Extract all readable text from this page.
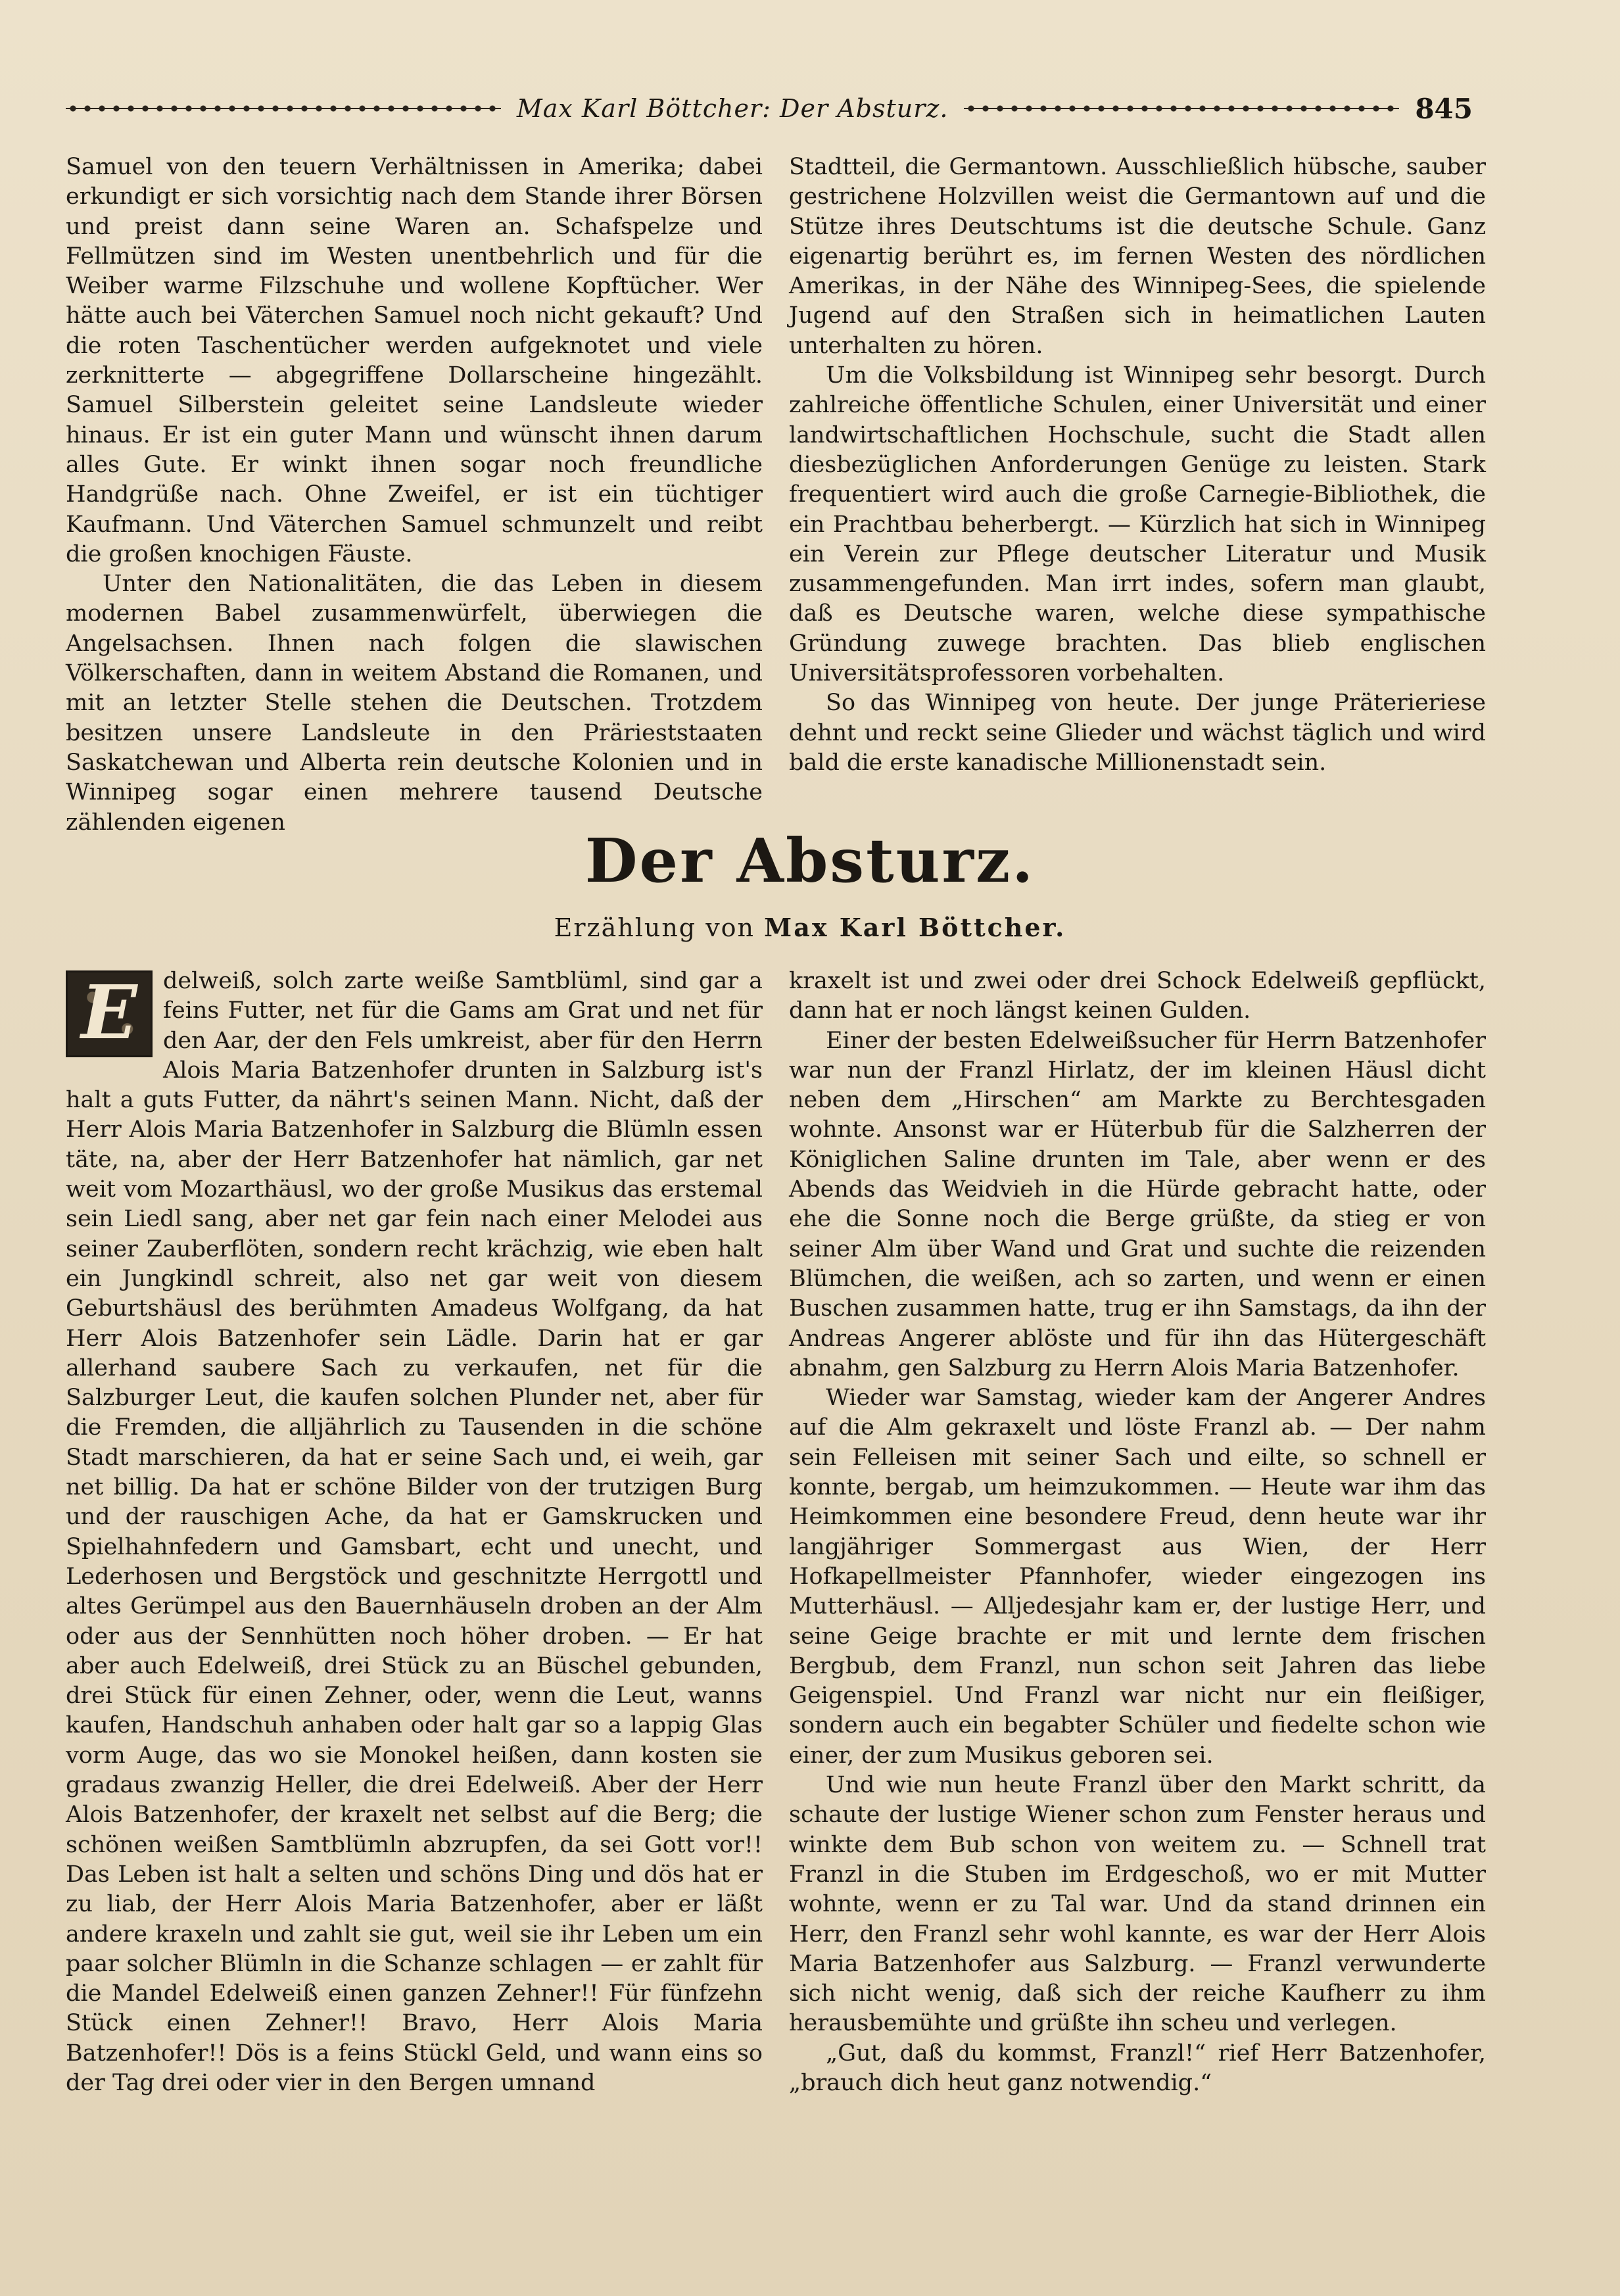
Max Karl Böttcher: Der Absturz.	845

Samuel von den teuern Verhältnissen in Amerika; dabei erkundigt er sich vorsichtig nach dem Stande ihrer Börsen und preist dann seine Waren an. Schafspelze und Fellmützen sind im Westen unentbehrlich und für die Weiber warme Filzschuhe und wollene Kopftücher. Wer hätte auch bei Väterchen Samuel noch nicht gekauft? Und die roten Taschentücher werden aufgeknotet und viele zerknitterte — abgegriffene Dollarscheine hingezählt. Samuel Silberstein geleitet seine Landsleute wieder hinaus. Er ist ein guter Mann und wünscht ihnen darum alles Gute. Er winkt ihnen sogar noch freundliche Handgrüße nach. Ohne Zweifel, er ist ein tüchtiger Kaufmann. Und Väterchen Samuel schmunzelt und reibt die großen knochigen Fäuste.

Unter den Nationalitäten, die das Leben in diesem modernen Babel zusammenwürfelt, überwiegen die Angelsachsen. Ihnen nach folgen die slawischen Völkerschaften, dann in weitem Abstand die Romanen, und mit an letzter Stelle stehen die Deutschen. Trotzdem besitzen unsere Landsleute in den Prärieststaaten Saskatchewan und Alberta rein deutsche Kolonien und in Winnipeg sogar einen mehrere tausend Deutsche zählenden eigenen

Stadtteil, die Germantown. Ausschließlich hübsche, sauber gestrichene Holzvillen weist die Germantown auf und die Stütze ihres Deutschtums ist die deutsche Schule. Ganz eigenartig berührt es, im fernen Westen des nördlichen Amerikas, in der Nähe des Winnipeg-Sees, die spielende Jugend auf den Straßen sich in heimatlichen Lauten unterhalten zu hören.

Um die Volksbildung ist Winnipeg sehr besorgt. Durch zahlreiche öffentliche Schulen, einer Universität und einer landwirtschaftlichen Hochschule, sucht die Stadt allen diesbezüglichen Anforderungen Genüge zu leisten. Stark frequentiert wird auch die große Carnegie-Bibliothek, die ein Prachtbau beherbergt. — Kürzlich hat sich in Winnipeg ein Verein zur Pflege deutscher Literatur und Musik zusammengefunden. Man irrt indes, sofern man glaubt, daß es Deutsche waren, welche diese sympathische Gründung zuwege brachten. Das blieb englischen Universitätsprofessoren vorbehalten.

So das Winnipeg von heute. Der junge Präterieriese dehnt und reckt seine Glieder und wächst täglich und wird bald die erste kanadische Millionenstadt sein.

Der Absturz.
Erzählung von Max Karl Böttcher.
E	delweiß, solch zarte weiße Samtblüml, sind gar a feins Futter, net für die Gams am Grat und net für den Aar, der den Fels umkreist, aber für den Herrn Alois Maria Batzenhofer drunten in Salzburg ist's halt a guts Futter, da nährt's seinen Mann. Nicht, daß der Herr Alois Maria Batzenhofer in Salzburg die Blümln essen täte, na, aber der Herr Batzenhofer hat nämlich, gar net weit vom Mozarthäusl, wo der große Musikus das erstemal sein Liedl sang, aber net gar fein nach einer Melodei aus seiner Zauberflöten, sondern recht krächzig, wie eben halt ein Jungkindl schreit, also net gar weit von diesem Geburtshäusl des berühmten Amadeus Wolfgang, da hat Herr Alois Batzenhofer sein Lädle. Darin hat er gar allerhand saubere Sach zu verkaufen, net für die Salzburger Leut, die kaufen solchen Plunder net, aber für die Fremden, die alljährlich zu Tausenden in die schöne Stadt marschieren, da hat er seine Sach und, ei weih, gar net billig. Da hat er schöne Bilder von der trutzigen Burg und der rauschigen Ache, da hat er Gamskrucken und Spielhahnfedern und Gamsbart, echt und unecht, und Lederhosen und Bergstöck und geschnitzte Herrgottl und altes Gerümpel aus den Bauernhäuseln droben an der Alm oder aus der Sennhütten noch höher droben. — Er hat aber auch Edelweiß, drei Stück zu an Büschel gebunden, drei Stück für einen Zehner, oder, wenn die Leut, wanns kaufen, Handschuh anhaben oder halt gar so a lappig Glas vorm Auge, das wo sie Monokel heißen, dann kosten sie gradaus zwanzig Heller, die drei Edelweiß. Aber der Herr Alois Batzenhofer, der kraxelt net selbst auf die Berg; die schönen weißen Samtblümln abzrupfen, da sei Gott vor!! Das Leben ist halt a selten und schöns Ding und dös hat er zu liab, der Herr Alois Maria Batzenhofer, aber er läßt andere kraxeln und zahlt sie gut, weil sie ihr Leben um ein paar solcher Blümln in die Schanze schlagen — er zahlt für die Mandel Edelweiß einen ganzen Zehner!! Für fünfzehn Stück einen Zehner!! Bravo, Herr Alois Maria Batzenhofer!! Dös is a feins Stückl Geld, und wann eins so der Tag drei oder vier in den Bergen umnand

kraxelt ist und zwei oder drei Schock Edelweiß gepflückt, dann hat er noch längst keinen Gulden.

Einer der besten Edelweißsucher für Herrn Batzenhofer war nun der Franzl Hirlatz, der im kleinen Häusl dicht neben dem „Hirschen“ am Markte zu Berchtesgaden wohnte. Ansonst war er Hüterbub für die Salzherren der Königlichen Saline drunten im Tale, aber wenn er des Abends das Weidvieh in die Hürde gebracht hatte, oder ehe die Sonne noch die Berge grüßte, da stieg er von seiner Alm über Wand und Grat und suchte die reizenden Blümchen, die weißen, ach so zarten, und wenn er einen Buschen zusammen hatte, trug er ihn Samstags, da ihn der Andreas Angerer ablöste und für ihn das Hütergeschäft abnahm, gen Salzburg zu Herrn Alois Maria Batzenhofer.

Wieder war Samstag, wieder kam der Angerer Andres auf die Alm gekraxelt und löste Franzl ab. — Der nahm sein Felleisen mit seiner Sach und eilte, so schnell er konnte, bergab, um heimzukommen. — Heute war ihm das Heimkommen eine besondere Freud, denn heute war ihr langjähriger Sommergast aus Wien, der Herr Hofkapellmeister Pfannhofer, wieder eingezogen ins Mutterhäusl. — Alljedesjahr kam er, der lustige Herr, und seine Geige brachte er mit und lernte dem frischen Bergbub, dem Franzl, nun schon seit Jahren das liebe Geigenspiel. Und Franzl war nicht nur ein fleißiger, sondern auch ein begabter Schüler und fiedelte schon wie einer, der zum Musikus geboren sei.

Und wie nun heute Franzl über den Markt schritt, da schaute der lustige Wiener schon zum Fenster heraus und winkte dem Bub schon von weitem zu. — Schnell trat Franzl in die Stuben im Erdgeschoß, wo er mit Mutter wohnte, wenn er zu Tal war. Und da stand drinnen ein Herr, den Franzl sehr wohl kannte, es war der Herr Alois Maria Batzenhofer aus Salzburg. — Franzl verwunderte sich nicht wenig, daß sich der reiche Kaufherr zu ihm herausbemühte und grüßte ihn scheu und verlegen.

„Gut, daß du kommst, Franzl!“ rief Herr Batzenhofer, „brauch dich heut ganz notwendig.“
